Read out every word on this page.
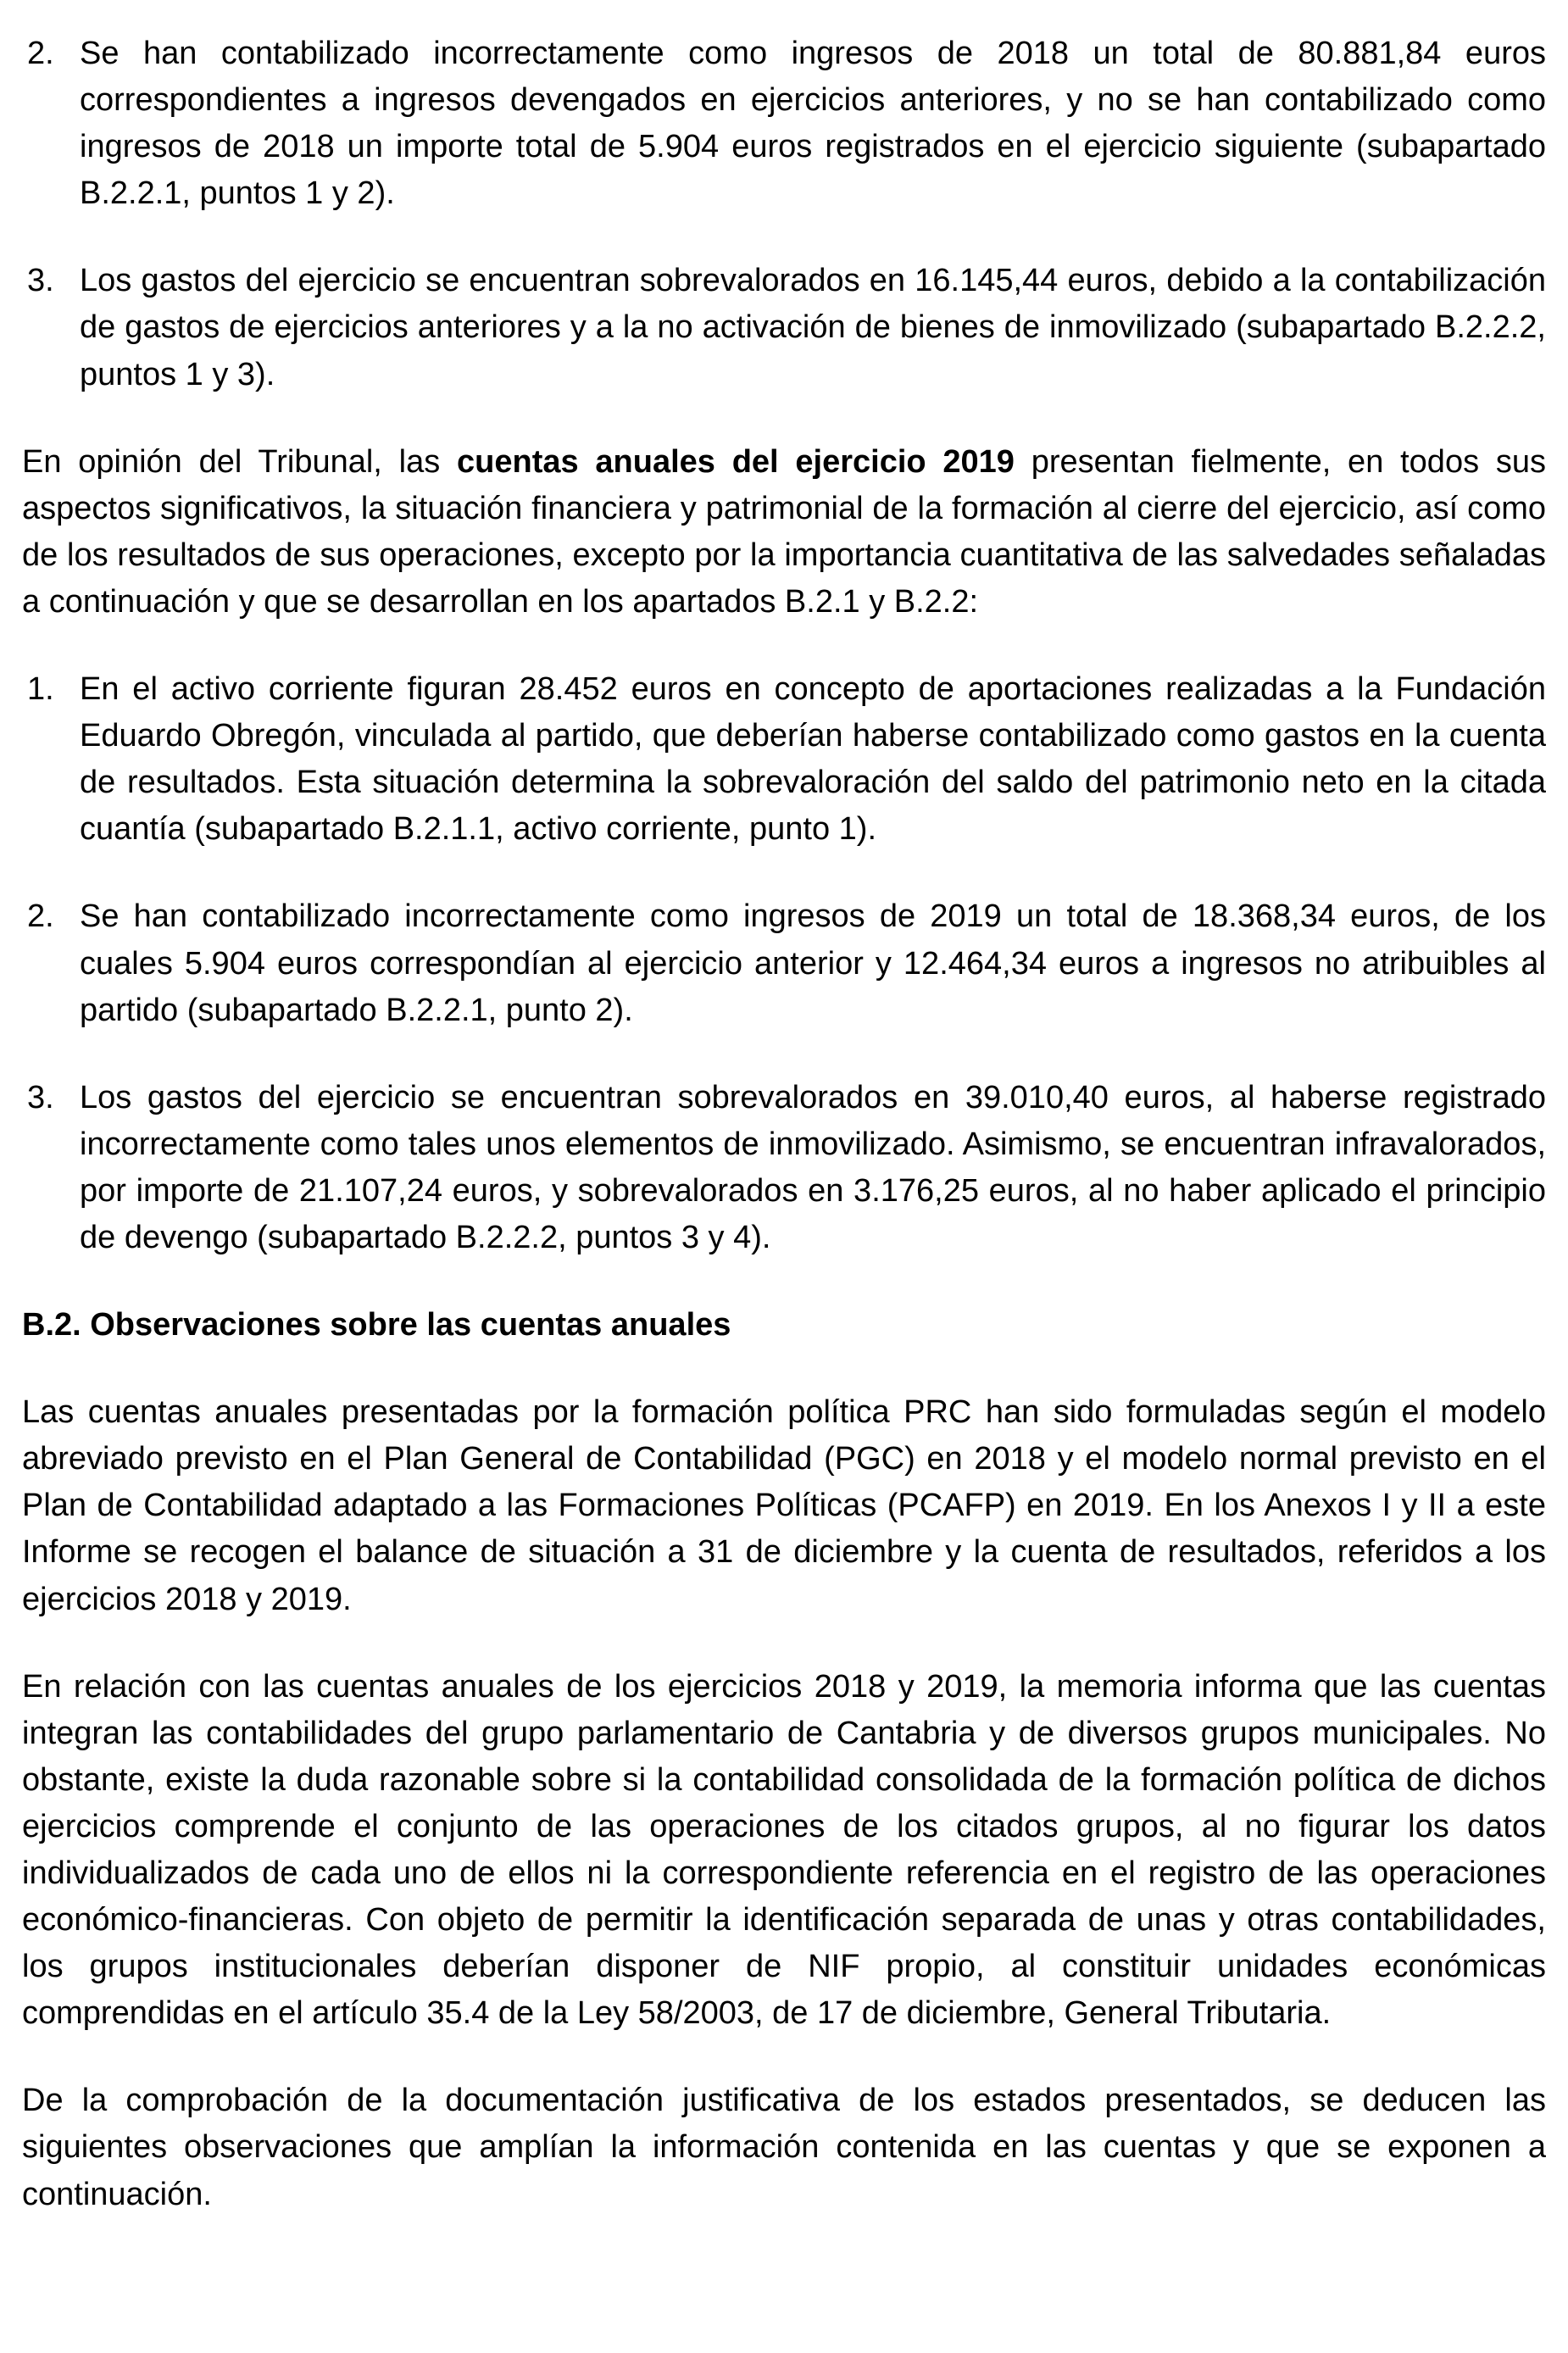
2. Se han contabilizado incorrectamente como ingresos de 2018 un total de 80.881,84 euros correspondientes a ingresos devengados en ejercicios anteriores, y no se han contabilizado como ingresos de 2018 un importe total de 5.904 euros registrados en el ejercicio siguiente (subapartado B.2.2.1, puntos 1 y 2).
3. Los gastos del ejercicio se encuentran sobrevalorados en 16.145,44 euros, debido a la contabilización de gastos de ejercicios anteriores y a la no activación de bienes de inmovilizado (subapartado B.2.2.2, puntos 1 y 3).

En opinión del Tribunal, las cuentas anuales del ejercicio 2019 presentan fielmente, en todos sus aspectos significativos, la situación financiera y patrimonial de la formación al cierre del ejercicio, así como de los resultados de sus operaciones, excepto por la importancia cuantitativa de las salvedades señaladas a continuación y que se desarrollan en los apartados B.2.1 y B.2.2:

1. En el activo corriente figuran 28.452 euros en concepto de aportaciones realizadas a la Fundación Eduardo Obregón, vinculada al partido, que deberían haberse contabilizado como gastos en la cuenta de resultados. Esta situación determina la sobrevaloración del saldo del patrimonio neto en la citada cuantía (subapartado B.2.1.1, activo corriente, punto 1).
2. Se han contabilizado incorrectamente como ingresos de 2019 un total de 18.368,34 euros, de los cuales 5.904 euros correspondían al ejercicio anterior y 12.464,34 euros a ingresos no atribuibles al partido (subapartado B.2.2.1, punto 2).
3. Los gastos del ejercicio se encuentran sobrevalorados en 39.010,40 euros, al haberse registrado incorrectamente como tales unos elementos de inmovilizado. Asimismo, se encuentran infravalorados, por importe de 21.107,24 euros, y sobrevalorados en 3.176,25 euros, al no haber aplicado el principio de devengo (subapartado B.2.2.2, puntos 3 y 4).
B.2. Observaciones sobre las cuentas anuales

Las cuentas anuales presentadas por la formación política PRC han sido formuladas según el modelo abreviado previsto en el Plan General de Contabilidad (PGC) en 2018 y el modelo normal previsto en el Plan de Contabilidad adaptado a las Formaciones Políticas (PCAFP) en 2019. En los Anexos I y II a este Informe se recogen el balance de situación a 31 de diciembre y la cuenta de resultados, referidos a los ejercicios 2018 y 2019.

En relación con las cuentas anuales de los ejercicios 2018 y 2019, la memoria informa que las cuentas integran las contabilidades del grupo parlamentario de Cantabria y de diversos grupos municipales. No obstante, existe la duda razonable sobre si la contabilidad consolidada de la formación política de dichos ejercicios comprende el conjunto de las operaciones de los citados grupos, al no figurar los datos individualizados de cada uno de ellos ni la correspondiente referencia en el registro de las operaciones económico-financieras. Con objeto de permitir la identificación separada de unas y otras contabilidades, los grupos institucionales deberían disponer de NIF propio, al constituir unidades económicas comprendidas en el artículo 35.4 de la Ley 58/2003, de 17 de diciembre, General Tributaria.

De la comprobación de la documentación justificativa de los estados presentados, se deducen las siguientes observaciones que amplían la información contenida en las cuentas y que se exponen a continuación.
